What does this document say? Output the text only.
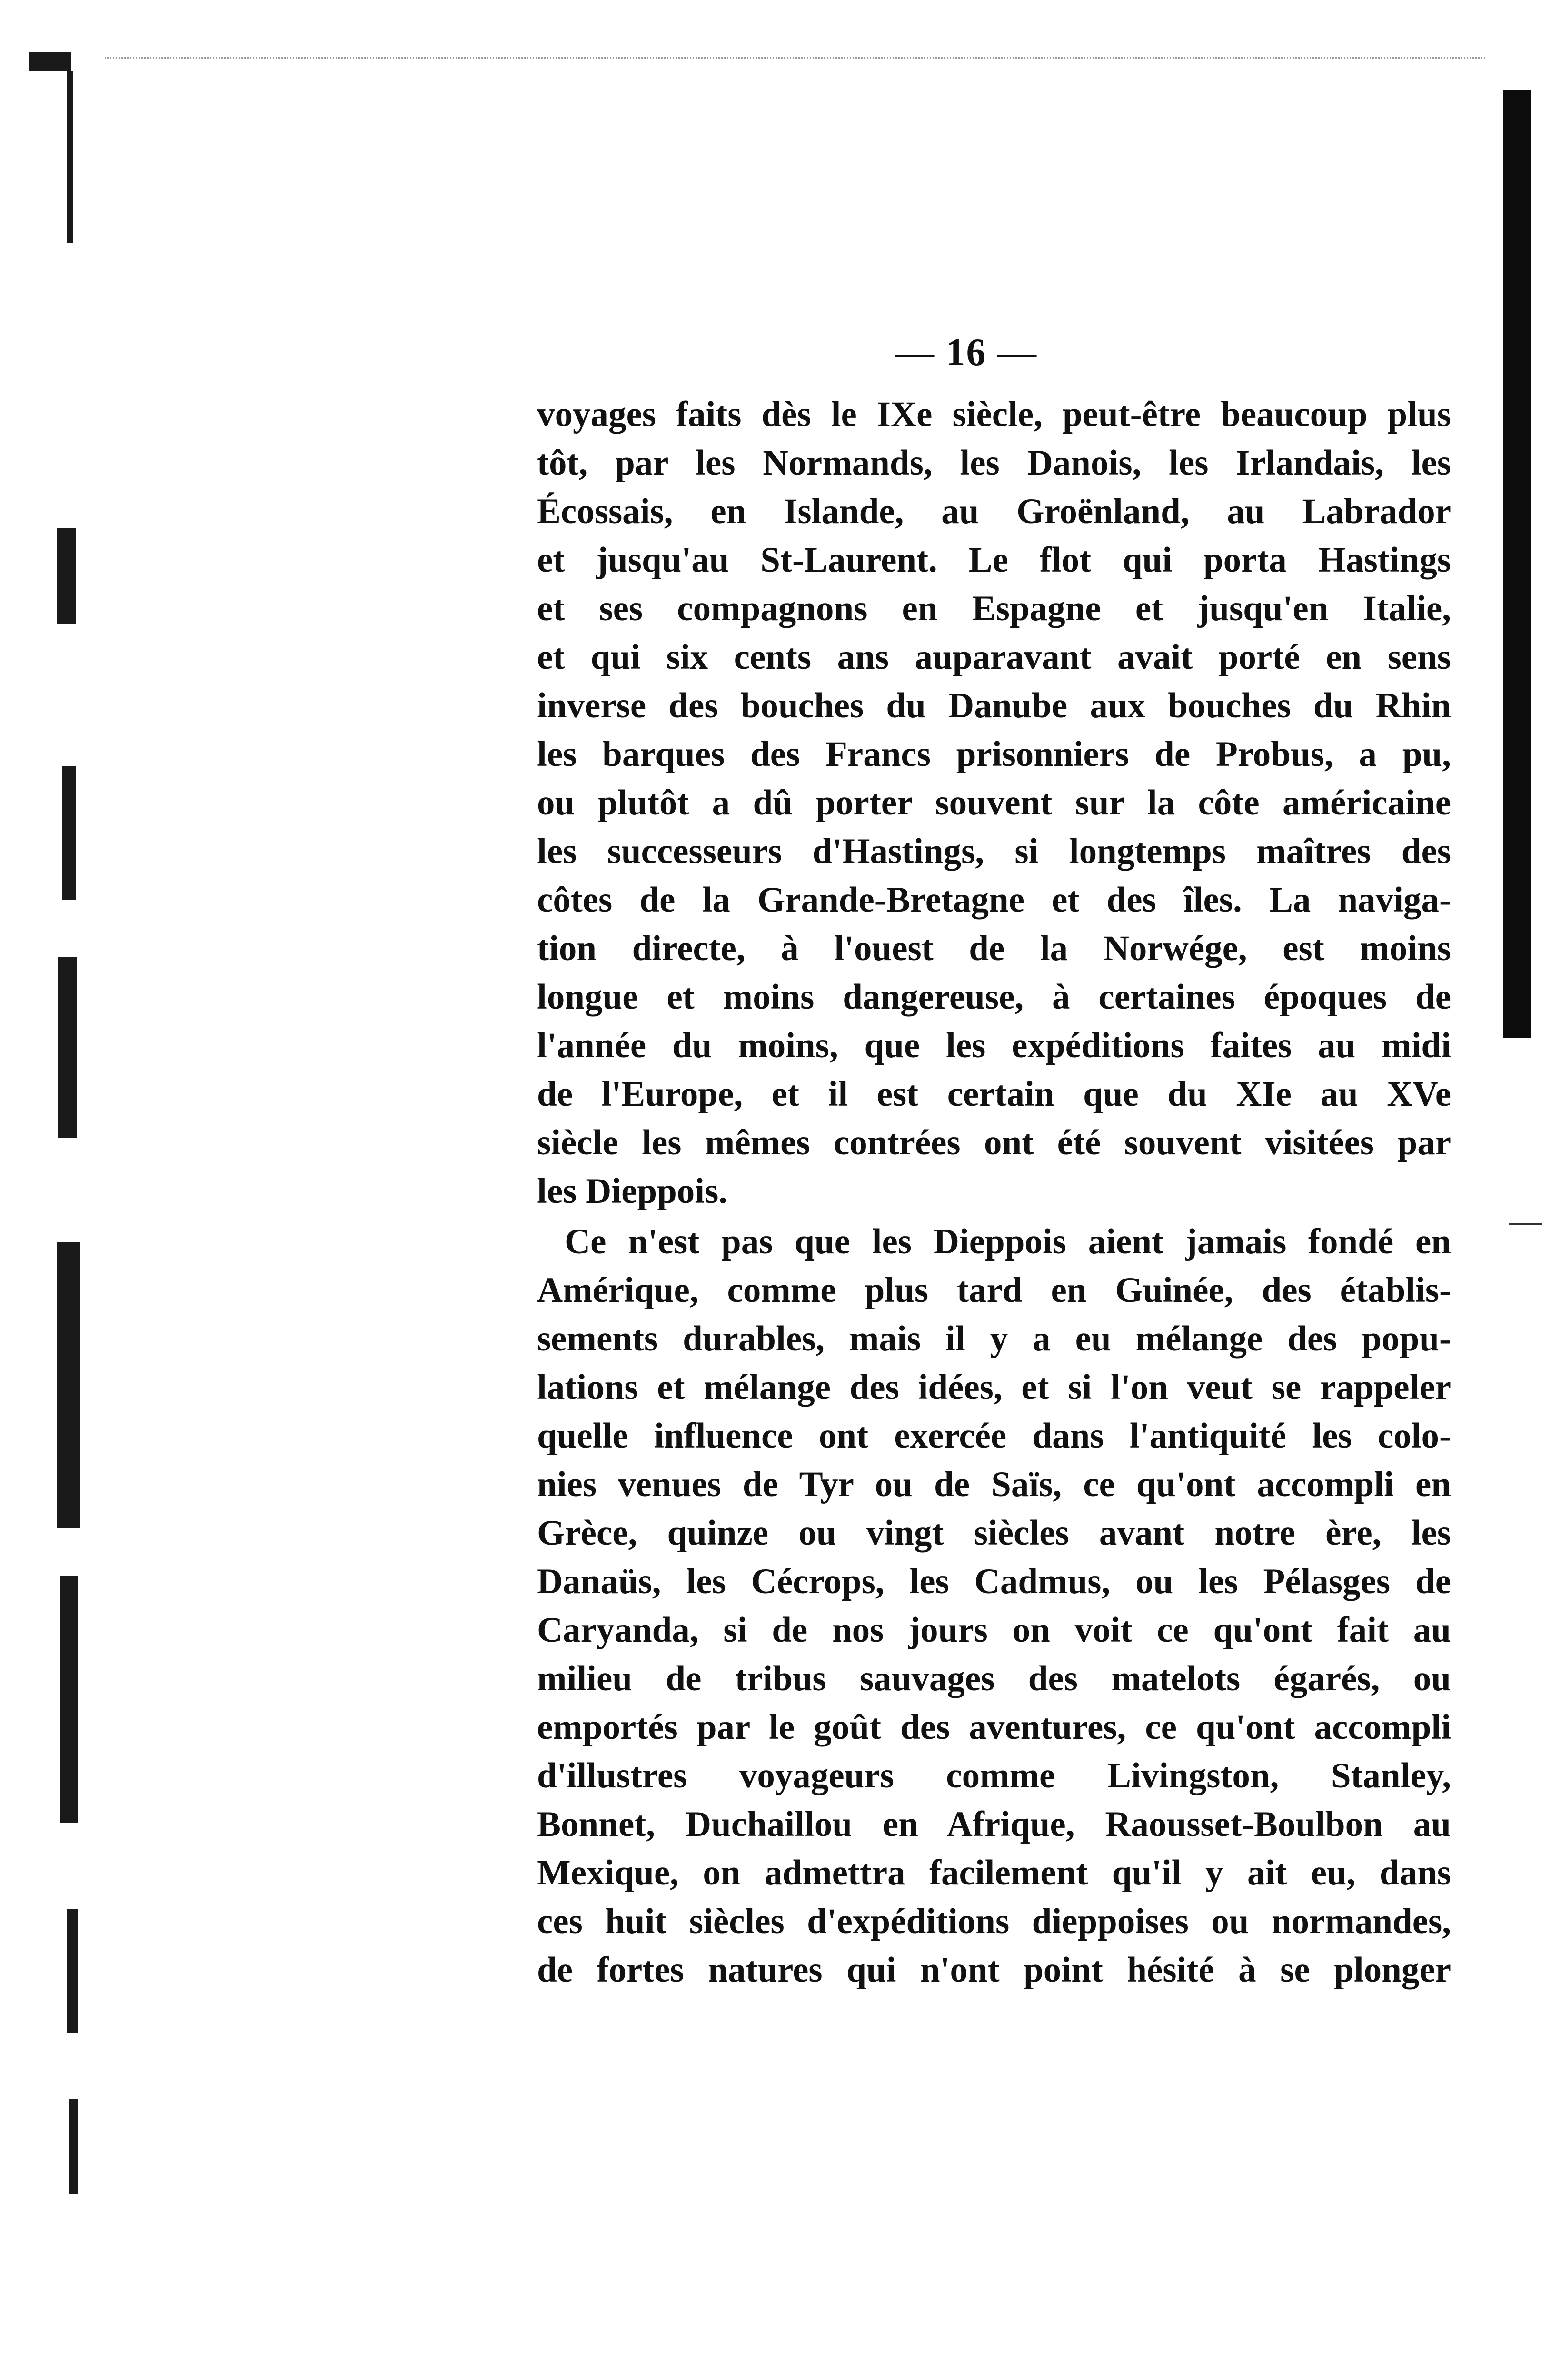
— 16 —
voyages faits dès le IXe siècle, peut-être beaucoup plus
tôt, par les Normands, les Danois, les Irlandais, les
Écossais, en Islande, au Groënland, au Labrador
et jusqu'au St-Laurent. Le flot qui porta Hastings
et ses compagnons en Espagne et jusqu'en Italie,
et qui six cents ans auparavant avait porté en sens
inverse des bouches du Danube aux bouches du Rhin
les barques des Francs prisonniers de Probus, a pu,
ou plutôt a dû porter souvent sur la côte américaine
les successeurs d'Hastings, si longtemps maîtres des
côtes de la Grande-Bretagne et des îles. La naviga-
tion directe, à l'ouest de la Norwége, est moins
longue et moins dangereuse, à certaines époques de
l'année du moins, que les expéditions faites au midi
de l'Europe, et il est certain que du XIe au XVe
siècle les mêmes contrées ont été souvent visitées par
les Dieppois.
Ce n'est pas que les Dieppois aient jamais fondé en
Amérique, comme plus tard en Guinée, des établis-
sements durables, mais il y a eu mélange des popu-
lations et mélange des idées, et si l'on veut se rappeler
quelle influence ont exercée dans l'antiquité les colo-
nies venues de Tyr ou de Saïs, ce qu'ont accompli en
Grèce, quinze ou vingt siècles avant notre ère, les
Danaüs, les Cécrops, les Cadmus, ou les Pélasges de
Caryanda, si de nos jours on voit ce qu'ont fait au
milieu de tribus sauvages des matelots égarés, ou
emportés par le goût des aventures, ce qu'ont accompli
d'illustres voyageurs comme Livingston, Stanley,
Bonnet, Duchaillou en Afrique, Raousset-Boulbon au
Mexique, on admettra facilement qu'il y ait eu, dans
ces huit siècles d'expéditions dieppoises ou normandes,
de fortes natures qui n'ont point hésité à se plonger
